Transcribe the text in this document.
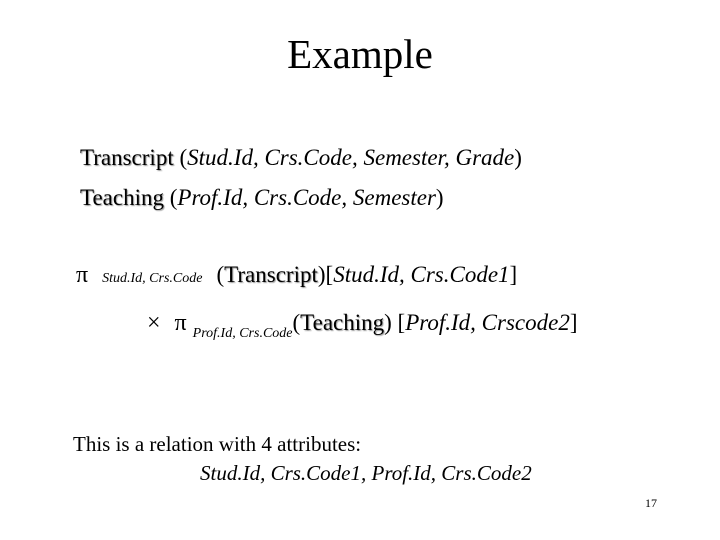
Example
Transcript (Stud.Id, Crs.Code, Semester, Grade)
Teaching (Prof.Id, Crs.Code, Semester)
π Stud.Id, Crs.Code (Transcript)[Stud.Id, Crs.Code1]
× π $_{Prof.Id, Crs.Code}$(Teaching) [Prof.Id, Crscode2]
This is a relation with 4 attributes:
Stud.Id, Crs.Code1, Prof.Id, Crs.Code2
17
